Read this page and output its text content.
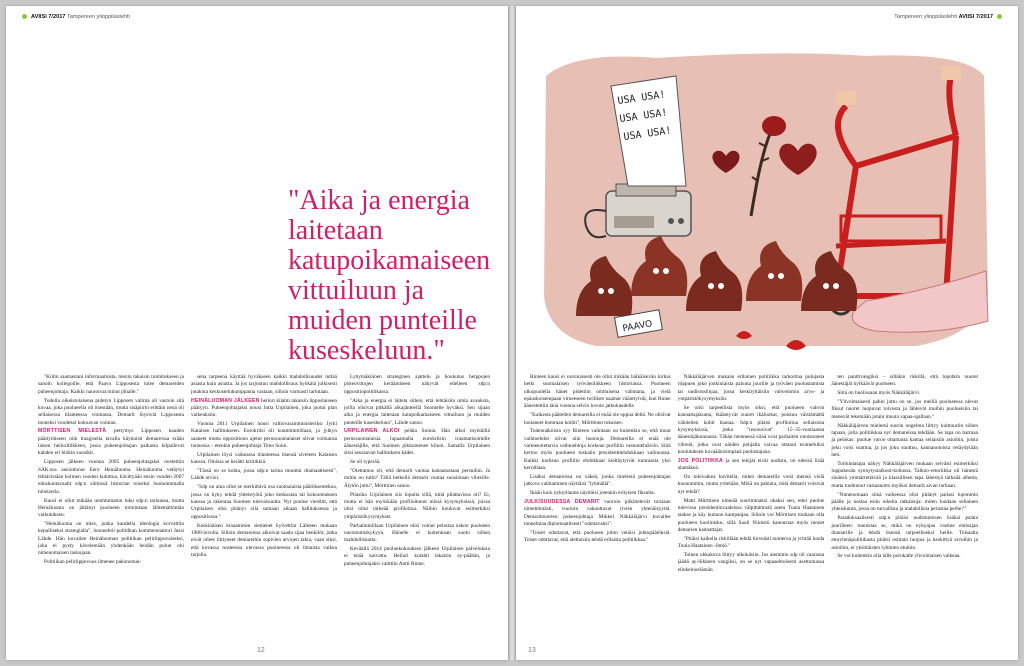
AVIISI 7/2017 Tampereen ylioppilaslehti
"Aika ja energia laitetaan katupoikamaiseen vittuiluun ja muiden punteille kuseskeluun."

"Kiitin saamastani informaatiosta, menin takaisin toimitukseen ja sanoin kollegoille, että Paavo Lipposesta tulee demareiden puheenjohtaja. Kaikki nauroivat minut pihalle."

Todella oikeistolaisena pidetyn Lipposen valinta oli vastoin sitä kuvaa, joka puolueella oli itsestään, mutta sisäpiirin erittäin nenä oli sellaisessa tilanteessa voimassa. Demarit löysivät Lipposesta moneksi vuodeksi kokoavan voiman.

MÖRTTISEN MIELESTÄ pettymys Lipposen kauden päättymiseen niin traagisella tavalla käynnisti demareissa erään laisen heilurililkkeen, jossa puheenjohtajan paikasta kilpailevat kahden eri blokin suosikit.

Lipposen jälkeen vuonna 2005 puheenjohtajaksi nostettiin SAK:ssa ansioitunut Eero Heinäluoma. Heinäluoma vetäytyi tehtävistään kolmen vuoden kuluttua, hävittyään ensin vuoden 2007 eduskuntavaalit sdp:n silmissä historian toiseksi huonoimmalla tuloksella.

Kausi ei ollut mikään unohtumaton luku sdp:n tarinassa, mutta Heinäluoma on jättänyt puolueen toimintaan lähtemättömän vaikutuksen.

"Heinäluoma on mies, jonka kaudella ideologia korvattiin kepulliseksi strategialla", luonnehtii politiikan kommentaattori Jussi Lähde. Hän kuvailee Heinäluoman politiikan peliriippuvaiseksi, joka ei pysty kävelemään yhdenkään heidän polun ohi nimenomaisen taskujaan.

Politiikan peliriippuvuus ilmenee pakonomai-

sena tarpeena käyttää hyväkseen kaikki mahdollisuudet inttää asiasta kuin asiasta. Ja jos tarjoutuu mahdollisuus hyökätä julkisesti jotakuta keskustelukumppania vastaan, silloin varmasti tartutaan.

HEINÄLUOMAN JÄLKEEN heiluri kilahti takaisin lipposlaiseen päätyyn. Puheenjohtajaksi nousi Jutta Urpilainen, joka juotui plan vaikeuksiin.

Vuonna 2011 Urpilainen nousi valtiovarainministeriksi Jyrki Kataisen hallitukseen. Eurokriisi oli kuumimmillaan, ja jytkyn saaneet mutta oppositioon ajetut perussuomalaiset olivat voimansa tunnossa – etenkin puheenjohtaja Timo Soini.

Urpilainen löysi vaikeassa tilanteessa itsensä siveleen Kataisen kanssa. Omissa se herätti kritiikkiä.

"Tässä on se kohta, jossa sdp:n tarina muuttui dramaattisesti", Lähde arvioi.

"Sdp on aina ollut se merkittävä osa suomalaista päätöksentekoa, jossa on kyky tehdä yhteistyötä joko keskustan tai kokoomuksen kanssa ja rakentaa Suomen tulevaisuutta. Nyt puolue viestitti, että Urpilaisen olisi pitänyt olla samaan aikaan hallituksessa ja oppositiossa."

Keskinäisen kinaamisen siemenet kylvettiin Lähteen mukaan 1980-luvulla. Silloin demareissa alkoivat saada sijaa henkilöt, jotka eivät olleet liittyneet demareihin sopivien arvojen takia, vaan siksi, että kovassa nosteessa olevassa puolueessa oli ilmaista vaikea tarjolla.

Lyhytnäköinen strateginen ajattelu ja houkutus helppojen pisteovittojen keräämiseen näkyvät edelleen sdp:n oppositiopolitiikassa.

"Aika ja energia ei laiteta siihen, että tehtäisiin omia avauksia, joilla olisivat pitkällä aikajänteellä Suomelle hyväksi. Sen sijaan aika ja energia laitetaan katupoikamaiseen vittuiluun ja muiden punteille kuseskeluun", Lähde sanoo.

URPILAINEN ALKOI peläta Soinia. Hän alkoi myötäillä perussuomalaisia lupaamalla eurokriisin traumatisoimille äänestäjille, että Suomen pikkumenee kiinni. Samalla Urpilainen sitoi seuraavan hallituksen kädet.

Se oli typerää.

"Olettamus oli, että demarit vuotaa kannatustaan persuihin. Ja mihin on tultu? Tällä hetkellä demarit vuotaa suosiotaan vihreille. Älytön juttu", Mörttinen sanoo.

Pilasiko Urpilainen siis lopulta sillä, mitä pilattavissa oli? Ei, mutta ei hän myöskään profiloitunut niissä kysymyksissä, joissa olisi ollut tärkeää profiloitua. Näihin kuuluvat esimerkiksi ympäristökysymykset.

Parhaimmillaan Urpilainen olisi voinut pelastaa uskon puolueen uusiutumiskykyyn. Hänelle ei kuitenkaan suotu siihen mahdollisuutta.

Keväällä 2014 puoluekokouksen jälkeen Urpilaisen palveluksia ei enää kaivattu. Heiluri kolahti takaisin ay-päähän, ja puheenjohtajaksi valittiin Antti Rinne.

12
Tampereen ylioppilaslehti AVIISI 7/2017
USA USA!
USA USA!
USA USA!
PAAVO

Rinteen kausi ei varsinaisesti ole ollut mikään häikäisevän kirkas hetki suomalaisen työväenliikkeen historiassa. Puolueen ulkopuolella hänet pidettiin omituisena valintana, ja vielä epäuskoisempaan virneeseen twilliset naamat väänttyivät, kun Rinne äänestettiin tänä vuonna selvin luvuin jatkokaudelle.

"Kaikesta päätellen demareilla ei enää ole oppua deltä. Ne olisivat hoitaneet homman kotiin", Mörttinen tokaisee.

Todennäköisin syy Rinteen valintaan on kuitenkin se, että muut vaihtoehdot olivat niin huonoja. Demareilla ei enää ole varteenotettavia vaihtoehtoja korkean profiilin vastuutehtäviin. Siitä kertoo myös puolueen tuskailu presidenttiehdokkaan valinnassa. Kaikki korkean profiilin ehdokkaat kieltäytyivät kunniasta yksi kerrallaan.

Lisäksi demareissa on väkeä, jonka mielestä puheenjohtajan jatkova vaihtaminen näyttäisi "tyhmältä".

Ikään kuin nykytilanne näyttäisi jotenkin erityisen fiksulta.

JULKISUUDESSA DEMARIT vuoroin piikittelevät toisiaan nimettömästi, vuoroin vakuuttavat rivien yhtenäisyyttä. Demaritnuorten puheenjohtaja Mikkel Näkkäläjärvi kuvailee tunnelmaa diplomaattisesti "odottavaksi".

"Toiset odottavat, että puolueen johto vetäisi johtopäätöksiä. Toiset odottavat, että alettaisiin tehdä erilaista politiikkaa."

Näkkäläjärven mukaan erilainen politiikka tarkoittaa pulujasta riippuen joko jonkinlaista paluuta juurille ja työväen puolustamista tai uudistuslinjaa, jossa keskityttäisiin vahvemmin arvo- ja ympäristökysymyksiin.

Se olisi tarpeellista myös siksi, että puolueen vahvin kannattajakunta, ikääntyvät suuret ikäluokat, poistuu väistämättä vähitellen kohti hautaa. Sdp:n pitäisi profiloitua sellaisissa kysymyksissä, jotka "resonoivat" 15–35-vuotiaassa äänestäjäkunnassa. Tähän mennessä siinä ovat parhaiten onnistuneet vihreät, jotka ovat näiden pohjalta vaivaa ottanut esimerkiksi koulutuksen kovaäänisimpänä puolustajana.

JOS POLITIIKKA ja sen tekijät eivät uudistu, on edessä lisää alamäkeä.

On tokivaikea kuvitella, miten demareilla voisi mennä vielä huonommin, mutta yritetään. Mikä on pahinta, mitä demarit voisivat nyt tehdä?

Matti Mörttinen nimeää suurimmaksi uhaksi sen, ettei puolue tulevissa presidentinvaaleissa välpittämistä asetu Tuula Haatainen taakse ja käy kunnon kampanjaa. Silloin voi Mörttisen mukaan olla puolueen kuolinisku, sillä Sauli Niinistö kannustaa myös monet demarien kannattajat.

"Pitäisi kaikella riskillään tehdä hirveästi numeroa ja yrittää luoda Tuula Haatainen -ilmiö."

Tolnen uhkakuva liittyy ulkokäsiin. Jos aiemmin sdp oli vaarassa jäädä ay-liikkeen vangiksi, on se nyt vapaaehtoisesti asettumassa elinkeinoelämän

ten panttivangiksi – silläkin riskillä, että loputkin nuoret äänestäjät hylkäävät puolueen.

Siitä on huolissaan myös Näkkäläjärvi.

"Yllvoimaisesti pahin juttu on se, jos meillä puolueessa olevat fiksut nuoret luopuvat toivosta ja lähtevät muihin puolueisiin tai menevät tekemään jotain muuta vapaa-ajallaan."

Näkkäläjärven mielestä suurin ongelma liittyy kulttuuriin siihen tapaan, jolla politiikkaa nyt demareissa tehdään. Se tapa on harmaa ja pelokas: puolue varoo ottamasta kantaa sellaisiin asioihin, joista joku voisi suuttua, ja jos joku suuttuu, kannanotoista vetäydytään heti.

Toimintatapa näkyy Näkkäläjärven mukaan selvästi esimerkiksi loppukesän synnytystalkoot-kohussa. Talkoo-retoriikka oli hänestä sinänsä ymmärrettävää ja klassillisen tapa lähestyä tärkeää alhetta, mutta tuohtunut vastaanotto myöksi demarit aivan turhaan.

"Nimenomaan siinä vaiheessa olisi pitänyt pailasi lujemmin päälle ja nostaa esiin oikeita ratkaisuja: miten luodaan sellainen yhteiskunta, jossa on turvallista ja mahdollista perustaa perhe?"

Paradoksaalisesti sdp:n pitäisi uudistumisen lisäksi palata juurilleen: tunnistaa se, mikä on nykyajan vastine entisajan duunarille ja tehdä itsensä tarpeelliseksi heille. Tolsaalta eturyhmäpolitiikasta pitäisi osittain luopua ja keskittyä arvoihin ja asioihin, ei yksittäisten ryhmien etuihin.

Se voi kuitenkin olla tälle porukalle ylivoimaisen vaikeaa.

13
